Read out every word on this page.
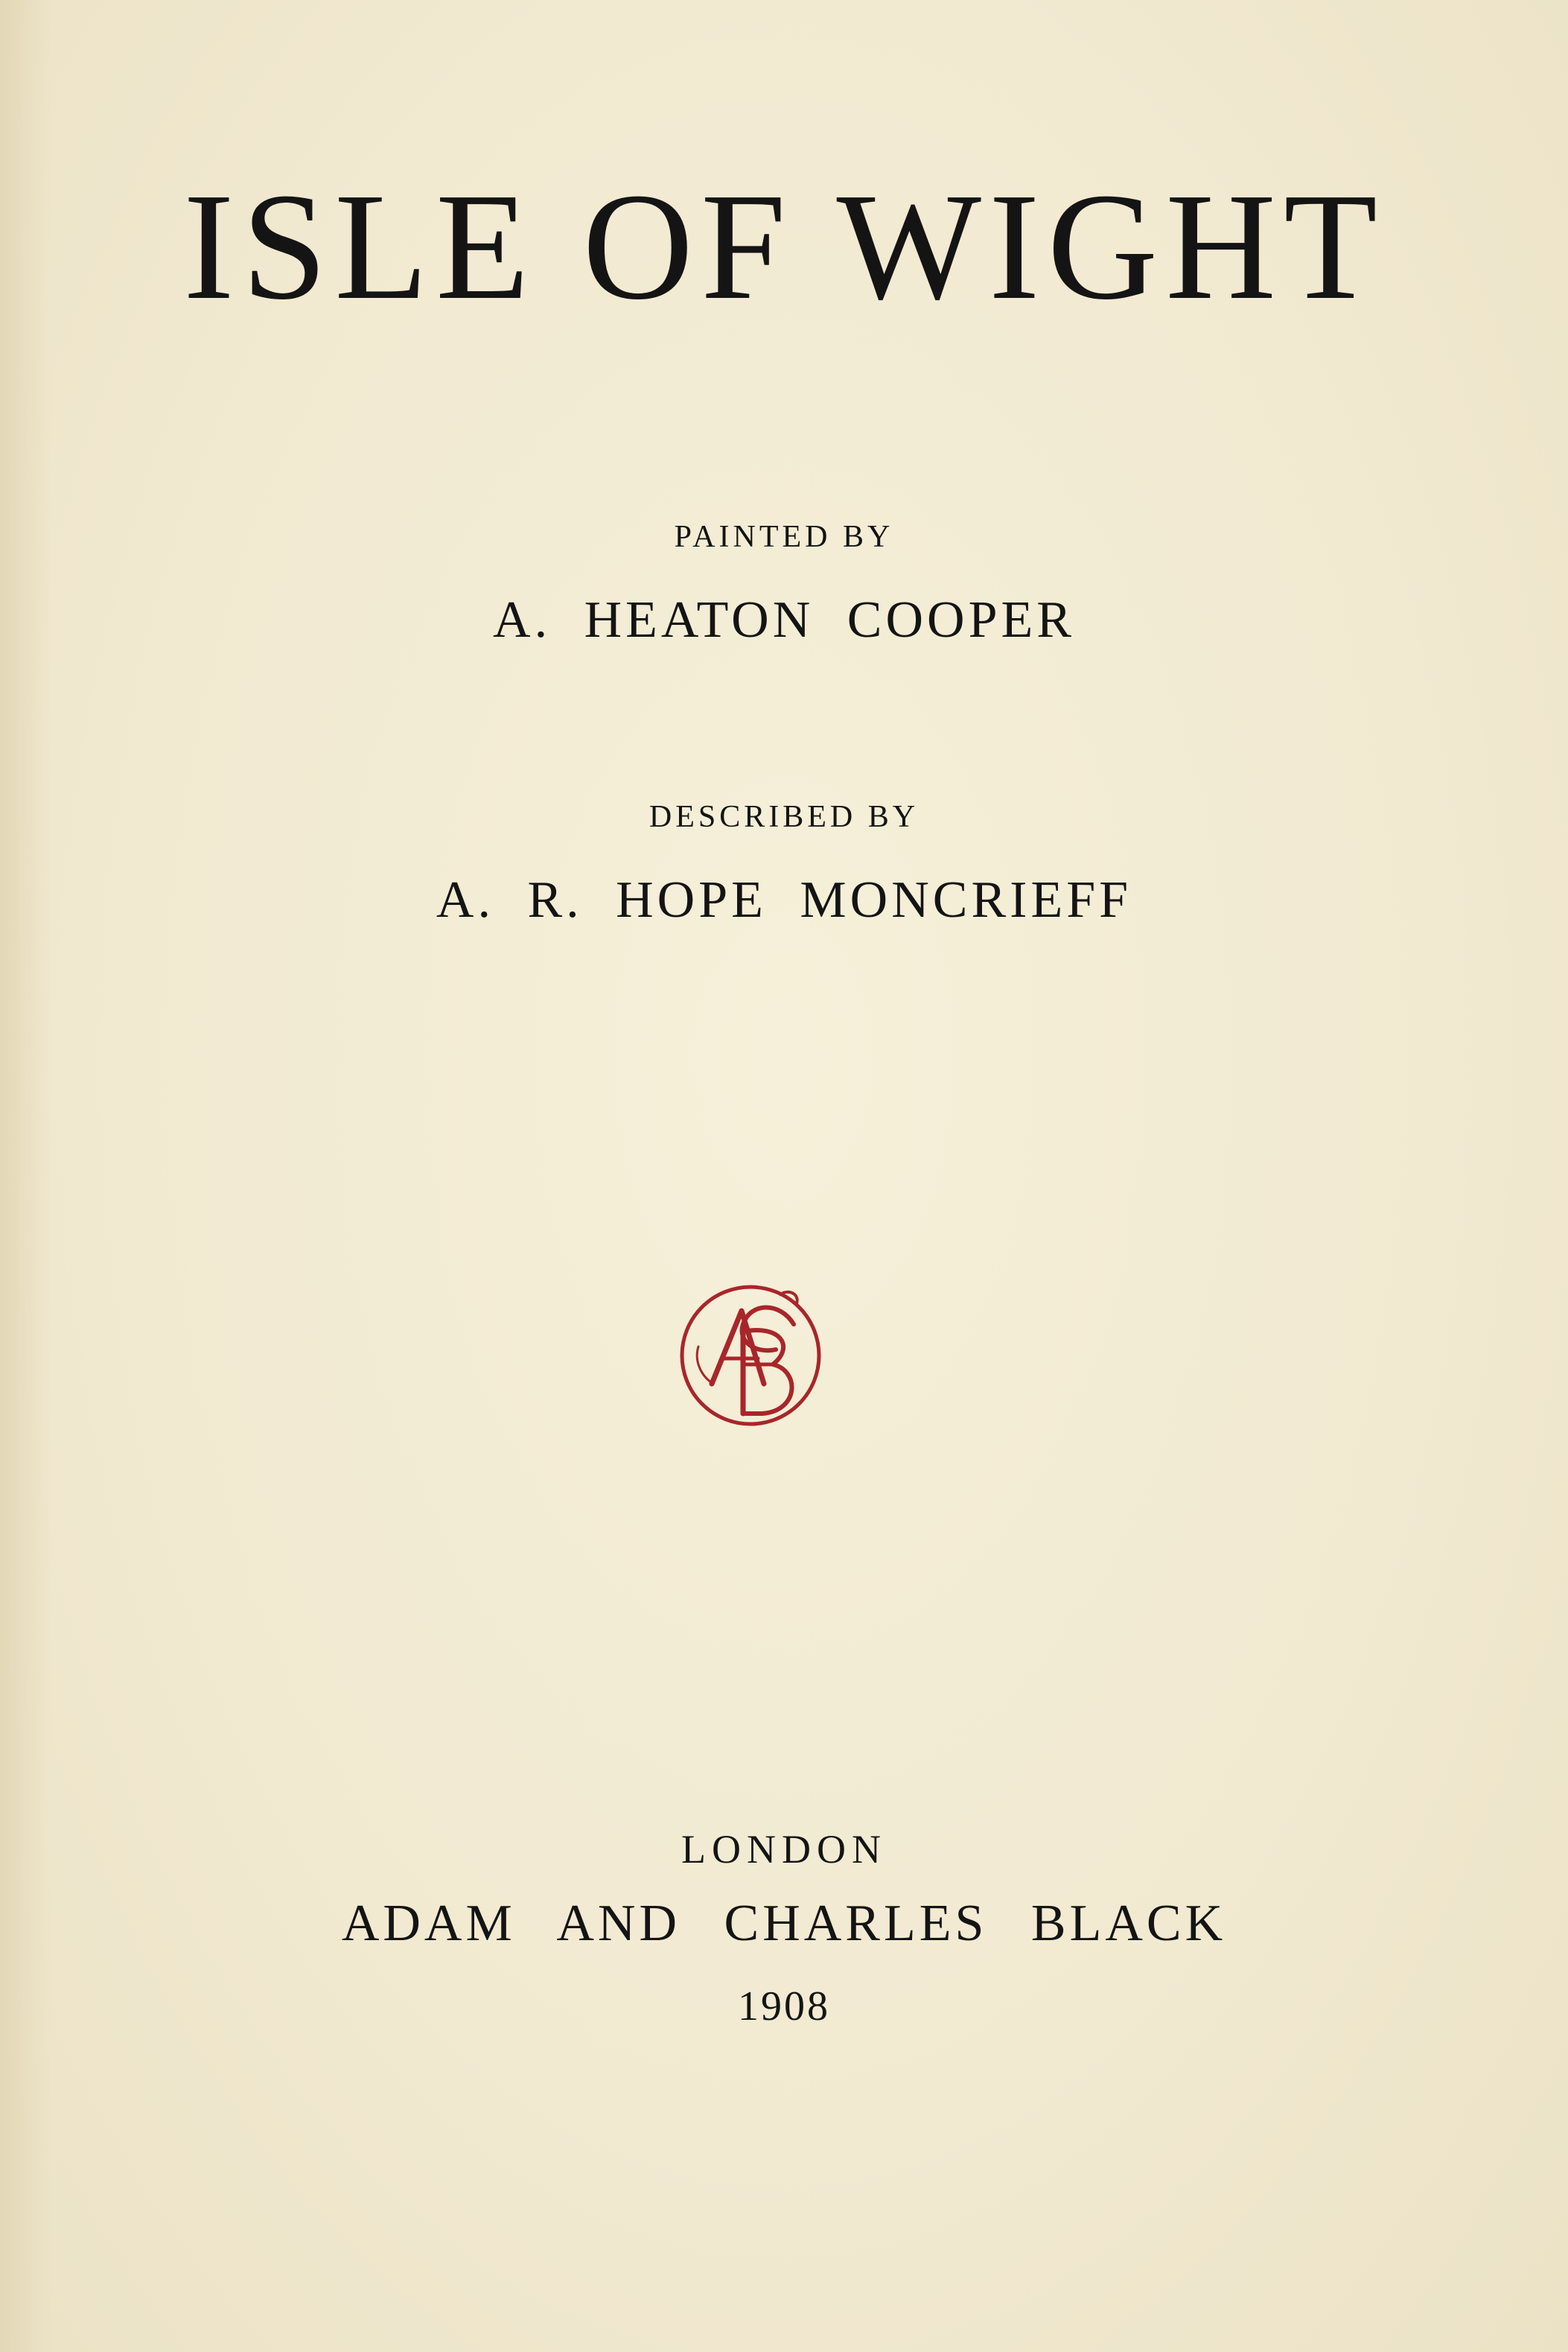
ISLE OF WIGHT
PAINTED BY
A. HEATON COOPER
DESCRIBED BY
A. R. HOPE MONCRIEFF
LONDON
ADAM AND CHARLES BLACK
1908
